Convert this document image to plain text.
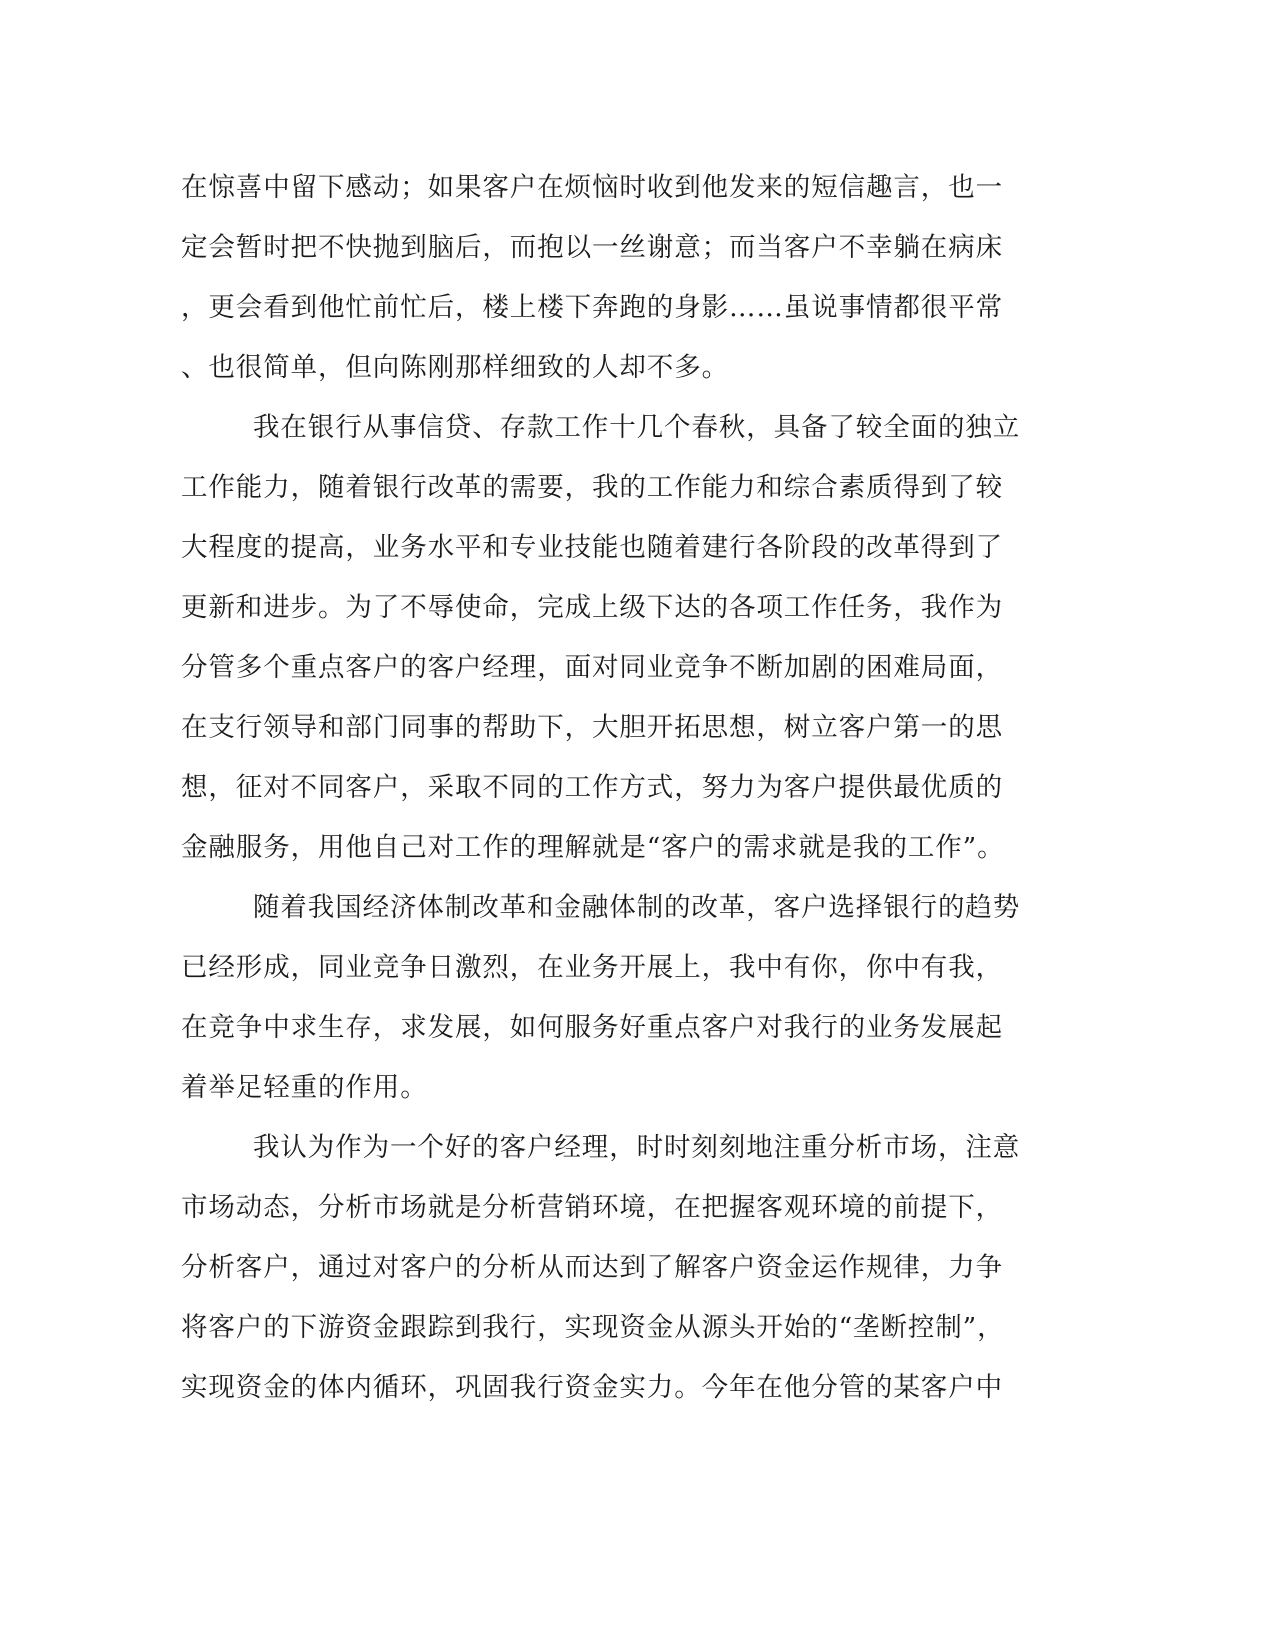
在惊喜中留下感动；如果客户在烦恼时收到他发来的短信趣言，也一
定会暂时把不快抛到脑后，而抱以一丝谢意；而当客户不幸躺在病床
，更会看到他忙前忙后，楼上楼下奔跑的身影……虽说事情都很平常
、也很简单，但向陈刚那样细致的人却不多。
我在银行从事信贷、存款工作十几个春秋，具备了较全面的独立
工作能力，随着银行改革的需要，我的工作能力和综合素质得到了较
大程度的提高，业务水平和专业技能也随着建行各阶段的改革得到了
更新和进步。为了不辱使命，完成上级下达的各项工作任务，我作为
分管多个重点客户的客户经理，面对同业竞争不断加剧的困难局面，
在支行领导和部门同事的帮助下，大胆开拓思想，树立客户第一的思
想，征对不同客户，采取不同的工作方式，努力为客户提供最优质的
金融服务，用他自己对工作的理解就是“客户的需求就是我的工作”。
随着我国经济体制改革和金融体制的改革，客户选择银行的趋势
已经形成，同业竞争日激烈，在业务开展上，我中有你，你中有我，
在竞争中求生存，求发展，如何服务好重点客户对我行的业务发展起
着举足轻重的作用。
我认为作为一个好的客户经理，时时刻刻地注重分析市场，注意
市场动态，分析市场就是分析营销环境，在把握客观环境的前提下，
分析客户，通过对客户的分析从而达到了解客户资金运作规律，力争
将客户的下游资金跟踪到我行，实现资金从源头开始的“垄断控制”，
实现资金的体内循环，巩固我行资金实力。今年在他分管的某客户中
